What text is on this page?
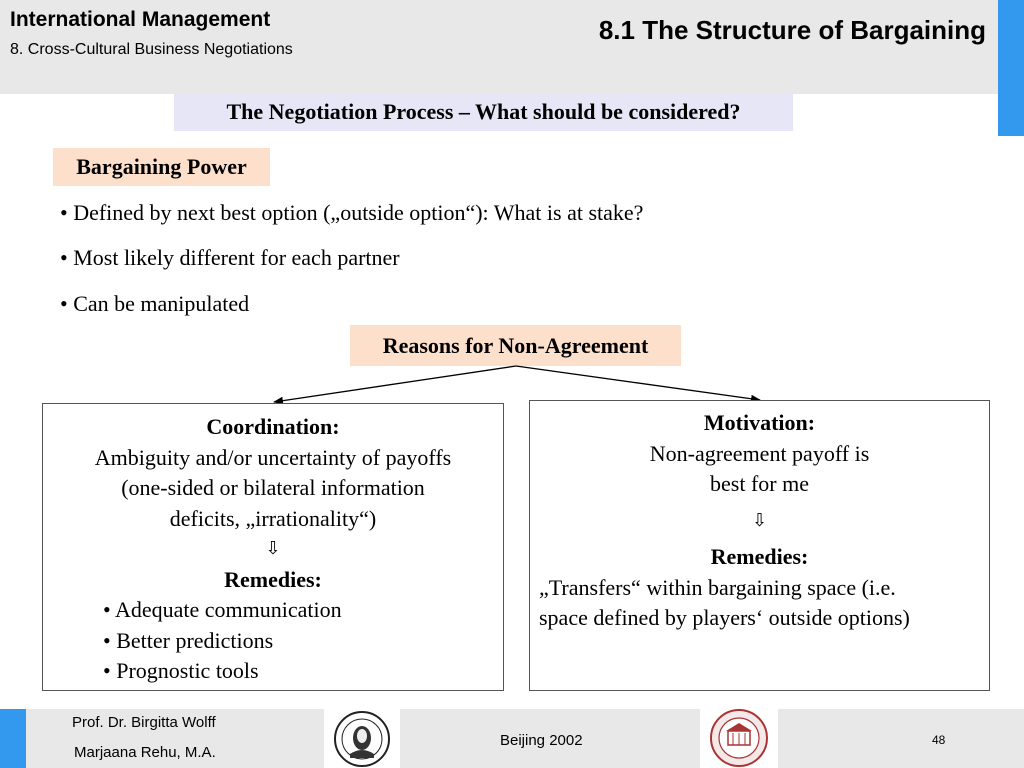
International Management
8. Cross-Cultural Business Negotiations
8.1 The Structure of Bargaining
The Negotiation Process – What should be considered?
Bargaining Power
• Defined by next best option („outside option“): What is at stake?
• Most likely different for each partner
• Can be manipulated
Reasons for Non-Agreement
Coordination:
Ambiguity and/or uncertainty of payoffs
(one-sided or bilateral information
deficits, „irrationality“)
⇩
Remedies:
• Adequate communication
• Better predictions
• Prognostic tools
Motivation:
Non-agreement payoff is
best for me
⇩
Remedies:
„Transfers“ within bargaining space (i.e.
space defined by players‘ outside options)
Prof. Dr. Birgitta Wolff
Marjaana Rehu, M.A.
Beijing 2002	48
